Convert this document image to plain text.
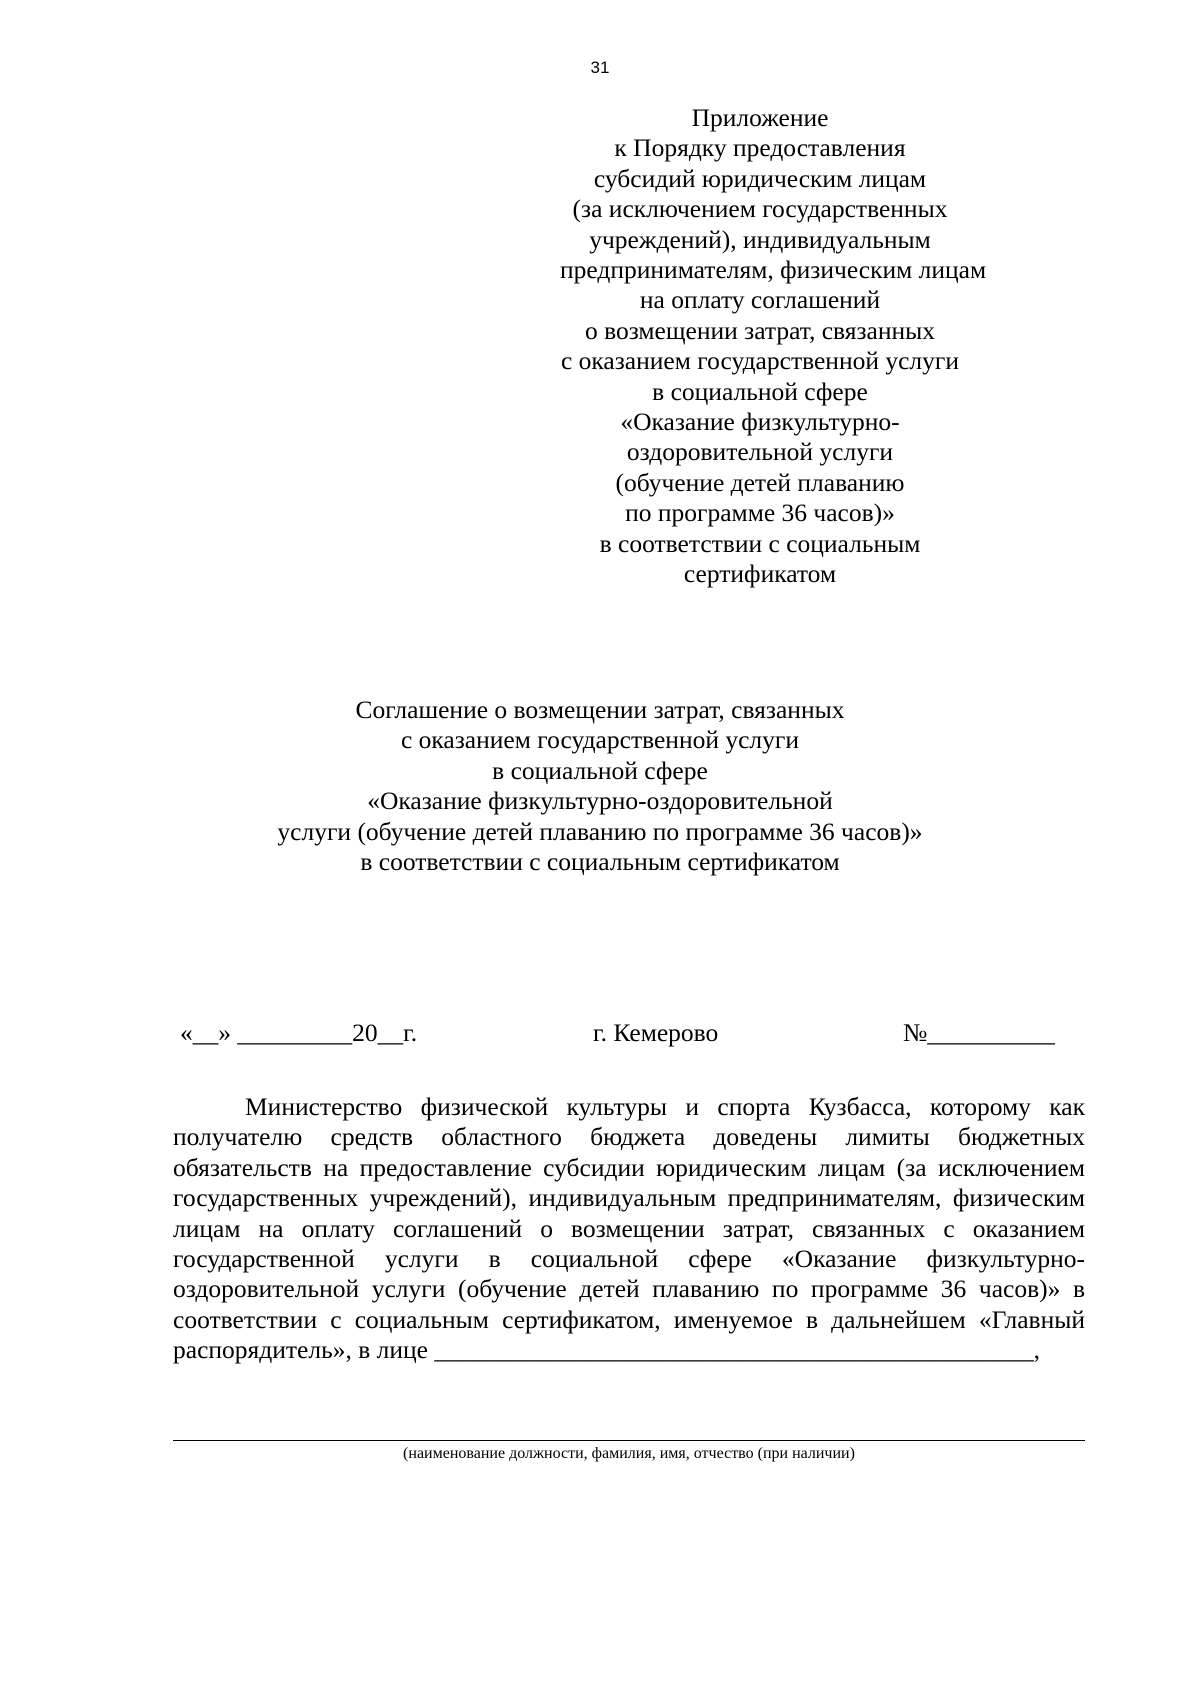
31
Приложение
к Порядку предоставления
субсидий юридическим лицам
(за исключением государственных
учреждений), индивидуальным
предпринимателям, физическим лицам
на оплату соглашений
о возмещении затрат, связанных
с оказанием государственной услуги
в социальной сфере
«Оказание физкультурно-
оздоровительной услуги
(обучение детей плаванию
по программе 36 часов)»
в соответствии с социальным
сертификатом
Соглашение о возмещении затрат, связанных
с оказанием государственной услуги
в социальной сфере
«Оказание физкультурно-оздоровительной
услуги (обучение детей плаванию по программе 36 часов)»
в соответствии с социальным сертификатом
«__» _________20__г.	г. Кемерово	№__________

Министерство физической культуры и спорта Кузбасса, которому как получателю средств областного бюджета доведены лимиты бюджетных обязательств на предоставление субсидии юридическим лицам (за исключением государственных учреждений), индивидуальным предпринимателям, физическим лицам на оплату соглашений о возмещении затрат, связанных с оказанием государственной услуги в социальной сфере «Оказание физкультурно-оздоровительной услуги (обучение детей плаванию по программе 36 часов)» в соответствии с социальным сертификатом, именуемое в дальнейшем «Главный распорядитель», в лице _______________________________________________,

(наименование должности, фамилия, имя, отчество (при наличии)
